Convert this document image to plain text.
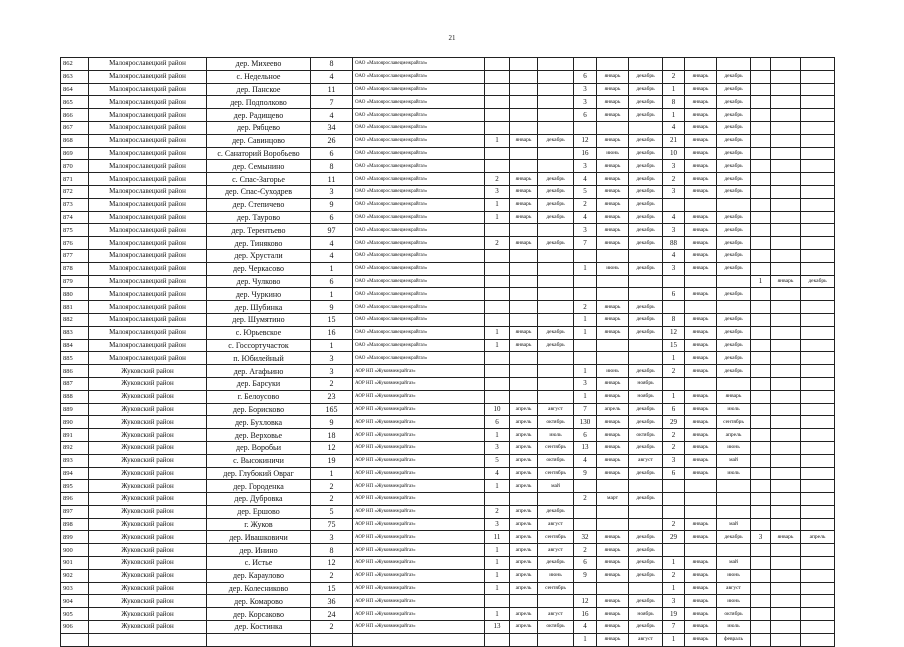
21
862	Малоярославецкий район	дер. Михеево	8	ОАО «Малоярославецмежрайгаз»												
863	Малоярославецкий район	с. Недельное	4	ОАО «Малоярославецмежрайгаз»				6	январь	декабрь	2	январь	декабрь			
864	Малоярославецкий район	дер. Панское	11	ОАО «Малоярославецмежрайгаз»				3	январь	декабрь	1	январь	декабрь			
865	Малоярославецкий район	дер. Подполково	7	ОАО «Малоярославецмежрайгаз»				3	январь	декабрь	8	январь	декабрь			
866	Малоярославецкий район	дер. Радищево	4	ОАО «Малоярославецмежрайгаз»				6	январь	декабрь	1	январь	декабрь			
867	Малоярославецкий район	дер. Рябцево	34	ОАО «Малоярославецмежрайгаз»							4	январь	декабрь			
868	Малоярославецкий район	дер. Савинцово	26	ОАО «Малоярославецмежрайгаз»	1	январь	декабрь	12	январь	декабрь	21	январь	декабрь			
869	Малоярославецкий район	с. Санаторий Воробьево	6	ОАО «Малоярославецмежрайгаз»				16	июнь	декабрь	10	январь	декабрь			
870	Малоярославецкий район	дер. Семынино	8	ОАО «Малоярославецмежрайгаз»				3	январь	декабрь	3	январь	декабрь			
871	Малоярославецкий район	с. Спас-Загорье	11	ОАО «Малоярославецмежрайгаз»	2	январь	декабрь	4	январь	декабрь	2	январь	декабрь			
872	Малоярославецкий район	дер. Спас-Суходрев	3	ОАО «Малоярославецмежрайгаз»	3	январь	декабрь	5	январь	декабрь	3	январь	декабрь			
873	Малоярославецкий район	дер. Степичево	9	ОАО «Малоярославецмежрайгаз»	1	январь	декабрь	2	январь	декабрь						
874	Малоярославецкий район	дер. Таурово	6	ОАО «Малоярославецмежрайгаз»	1	январь	декабрь	4	январь	декабрь	4	январь	декабрь			
875	Малоярославецкий район	дер. Терентьево	97	ОАО «Малоярославецмежрайгаз»				3	январь	декабрь	3	январь	декабрь			
876	Малоярославецкий район	дер. Тиняково	4	ОАО «Малоярославецмежрайгаз»	2	январь	декабрь	7	январь	декабрь	88	январь	декабрь			
877	Малоярославецкий район	дер. Хрустали	4	ОАО «Малоярославецмежрайгаз»							4	январь	декабрь			
878	Малоярославецкий район	дер. Черкасово	1	ОАО «Малоярославецмежрайгаз»				1	июнь	декабрь	3	январь	декабрь			
879	Малоярославецкий район	дер. Чулково	6	ОАО «Малоярославецмежрайгаз»										1	январь	декабрь
880	Малоярославецкий район	дер. Чуркино	1	ОАО «Малоярославецмежрайгаз»							6	январь	декабрь			
881	Малоярославецкий район	дер. Шубинка	9	ОАО «Малоярославецмежрайгаз»				2	январь	декабрь						
882	Малоярославецкий район	дер. Шумятино	15	ОАО «Малоярославецмежрайгаз»				1	январь	декабрь	8	январь	декабрь			
883	Малоярославецкий район	с. Юрьевское	16	ОАО «Малоярославецмежрайгаз»	1	январь	декабрь	1	январь	декабрь	12	январь	декабрь			
884	Малоярославецкий район	с. Госсортучасток	1	ОАО «Малоярославецмежрайгаз»	1	январь	декабрь				15	январь	декабрь			
885	Малоярославецкий район	п. Юбилейный	3	ОАО «Малоярославецмежрайгаз»							1	январь	декабрь			
886	Жуковский район	дер. Агафьино	3	АОР НП «Жуковмежрайгаз»				1	июнь	декабрь	2	январь	декабрь			
887	Жуковский район	дер. Барсуки	2	АОР НП «Жуковмежрайгаз»				3	январь	ноябрь						
888	Жуковский район	г. Белоусово	23	АОР НП «Жуковмежрайгаз»				1	январь	ноябрь	1	январь	январь			
889	Жуковский район	дер. Борисково	165	АОР НП «Жуковмежрайгаз»	10	апрель	август	7	апрель	декабрь	6	январь	июль			
890	Жуковский район	дер. Бухловка	9	АОР НП «Жуковмежрайгаз»	6	апрель	октябрь	130	январь	декабрь	29	январь	сентябрь			
891	Жуковский район	дер. Верховье	18	АОР НП «Жуковмежрайгаз»	1	апрель	июль	6	январь	октябрь	2	январь	апрель			
892	Жуковский район	дер. Воробьи	12	АОР НП «Жуковмежрайгаз»	3	апрель	сентябрь	13	январь	декабрь	2	январь	июнь			
893	Жуковский район	с. Высокиничи	19	АОР НП «Жуковмежрайгаз»	5	апрель	октябрь	4	январь	август	3	январь	май			
894	Жуковский район	дер. Глубокий Овраг	1	АОР НП «Жуковмежрайгаз»	4	апрель	сентябрь	9	январь	декабрь	6	январь	июль			
895	Жуковский район	дер. Городенка	2	АОР НП «Жуковмежрайгаз»	1	апрель	май									
896	Жуковский район	дер. Дубровка	2	АОР НП «Жуковмежрайгаз»				2	март	декабрь						
897	Жуковский район	дер. Ершово	5	АОР НП «Жуковмежрайгаз»	2	апрель	декабрь									
898	Жуковский район	г. Жуков	75	АОР НП «Жуковмежрайгаз»	3	апрель	август				2	январь	май			
899	Жуковский район	дер. Ивашковичи	3	АОР НП «Жуковмежрайгаз»	11	апрель	сентябрь	32	январь	декабрь	29	январь	декабрь	3	январь	апрель
900	Жуковский район	дер. Инино	8	АОР НП «Жуковмежрайгаз»	1	апрель	август	2	январь	декабрь						
901	Жуковский район	с. Истье	12	АОР НП «Жуковмежрайгаз»	1	апрель	декабрь	6	январь	декабрь	1	январь	май			
902	Жуковский район	дер. Караулово	2	АОР НП «Жуковмежрайгаз»	1	апрель	июнь	9	январь	декабрь	2	январь	июнь			
903	Жуковский район	дер. Колесниково	15	АОР НП «Жуковмежрайгаз»	1	апрель	сентябрь				1	январь	август			
904	Жуковский район	дер. Комарово	36	АОР НП «Жуковмежрайгаз»				12	январь	декабрь	3	январь	июнь			
905	Жуковский район	дер. Корсаково	24	АОР НП «Жуковмежрайгаз»	1	апрель	август	16	январь	ноябрь	19	январь	октябрь			
906	Жуковский район	дер. Костинка	2	АОР НП «Жуковмежрайгаз»	13	апрель	октябрь	4	январь	декабрь	7	январь	июль			
								1	январь	август	1	январь	февраль			
